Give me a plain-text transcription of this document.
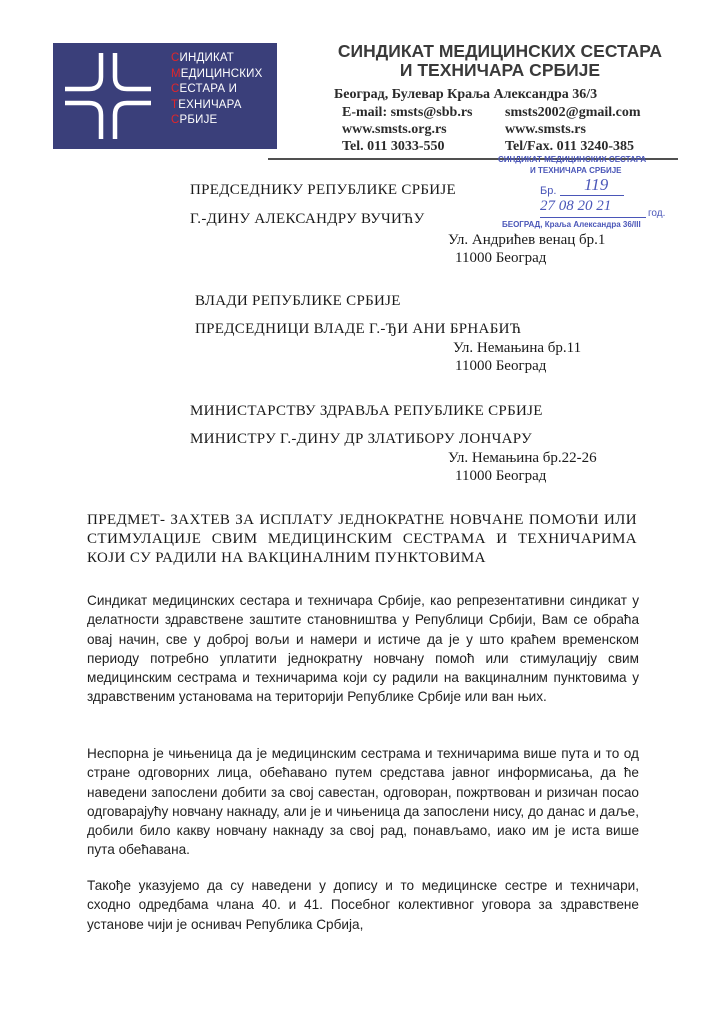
СИНДИКАТ
МЕДИЦИНСКИХ
СЕСТАРА И
ТЕХНИЧАРА
СРБИЈЕ
СИНДИКАТ МЕДИЦИНСКИХ СЕСТАРА
И ТЕХНИЧАРА СРБИЈЕ
Београд, Булевар Краља Александра 36/3
E-mail: smsts@sbb.rs
www.smsts.org.rs
Tel. 011 3033-550
smsts2002@gmail.com
www.smsts.rs
Tel/Fax. 011 3240-385
СИНДИКАТ МЕДИЦИНСКИХ СЕСТАРА
И ТЕХНИЧАРА СРБИЈЕ
Бр. 119
27 08 20 21	год.
БЕОГРАД, Краља Александра 36/III
ПРЕДСЕДНИКУ РЕПУБЛИКЕ СРБИЈЕ
Г.-ДИНУ АЛЕКСАНДРУ ВУЧИЋУ
Ул. Андрићев венац бр.1
11000 Београд
ВЛАДИ РЕПУБЛИКЕ СРБИЈЕ
ПРЕДСЕДНИЦИ ВЛАДЕ Г.-ЂИ АНИ БРНАБИЋ
Ул. Немањина бр.11
11000 Београд
МИНИСТАРСТВУ ЗДРАВЉА РЕПУБЛИКЕ СРБИЈЕ
МИНИСТРУ Г.-ДИНУ ДР ЗЛАТИБОРУ ЛОНЧАРУ
Ул. Немањина бр.22-26
11000 Београд
ПРЕДМЕТ- ЗАХТЕВ ЗА ИСПЛАТУ ЈЕДНОКРАТНЕ НОВЧАНЕ ПОМОЋИ ИЛИ СТИМУЛАЦИЈЕ СВИМ МЕДИЦИНСКИМ СЕСТРАМА И ТЕХНИЧАРИМА КОЈИ СУ РАДИЛИ НА ВАКЦИНАЛНИМ ПУНКТОВИМА

Синдикат медицинских сестара и техничара Србије, као репрезентативни синдикат у делатности здравствене заштите становништва у Републици Србији, Вам се обраћа овај начин, све у доброј вољи и намери и истиче да је у што краћем временском периоду потребно уплатити једнократну новчану помоћ или стимулацију свим медицинским сестрама и техничарима који су радили на вакциналним пунктовима у здравственим установама на територији Републике Србије или ван њих.

Неспорна је чињеница да је медицинским сестрама и техничарима више пута и то од стране одговорних лица, обећавано путем средстава јавног информисања, да ће наведени запослени добити за свој савестан, одговоран, пожртвован и ризичан посао одговарајућу новчану накнаду, али је и чињеница да запослени нису, до данас и даље, добили било какву новчану накнаду за свој рад, понављамо, иако им је иста више пута обећавана.

Такође указујемо да су наведени у допису и то медицинске сестре и техничари, сходно одредбама члана 40. и 41. Посебног колективног уговора за здравствене установе чији је оснивач Република Србија,
